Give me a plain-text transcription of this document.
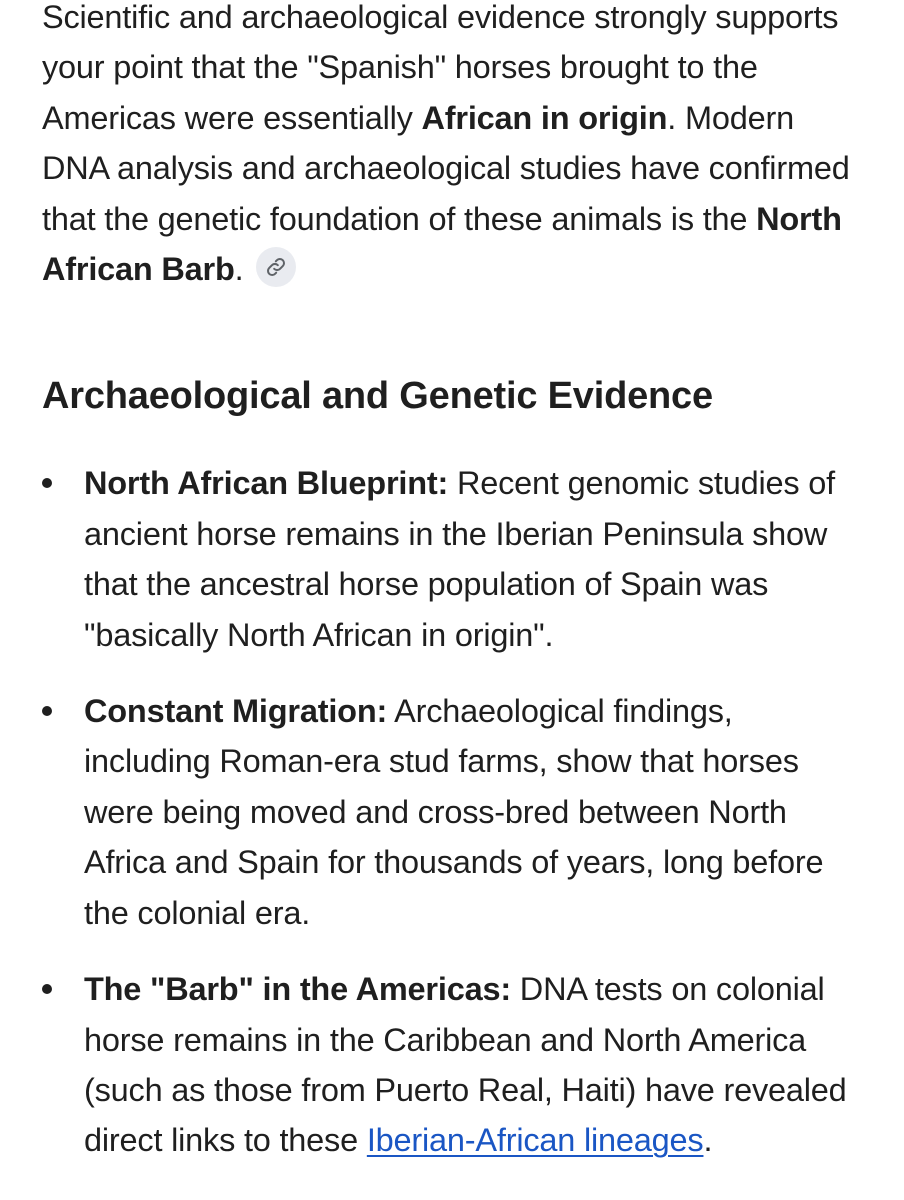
Scientific and archaeological evidence strongly supports your point that the "Spanish" horses brought to the Americas were essentially African in origin. Modern DNA analysis and archaeological studies have confirmed that the genetic foundation of these animals is the North African Barb.

Archaeological and Genetic Evidence
North African Blueprint: Recent genomic studies of ancient horse remains in the Iberian Peninsula show that the ancestral horse population of Spain was "basically North African in origin".
Constant Migration: Archaeological findings, including Roman-era stud farms, show that horses were being moved and cross-bred between North Africa and Spain for thousands of years, long before the colonial era.
The "Barb" in the Americas: DNA tests on colonial horse remains in the Caribbean and North America (such as those from Puerto Real, Haiti) have revealed direct links to these Iberian-African lineages.
